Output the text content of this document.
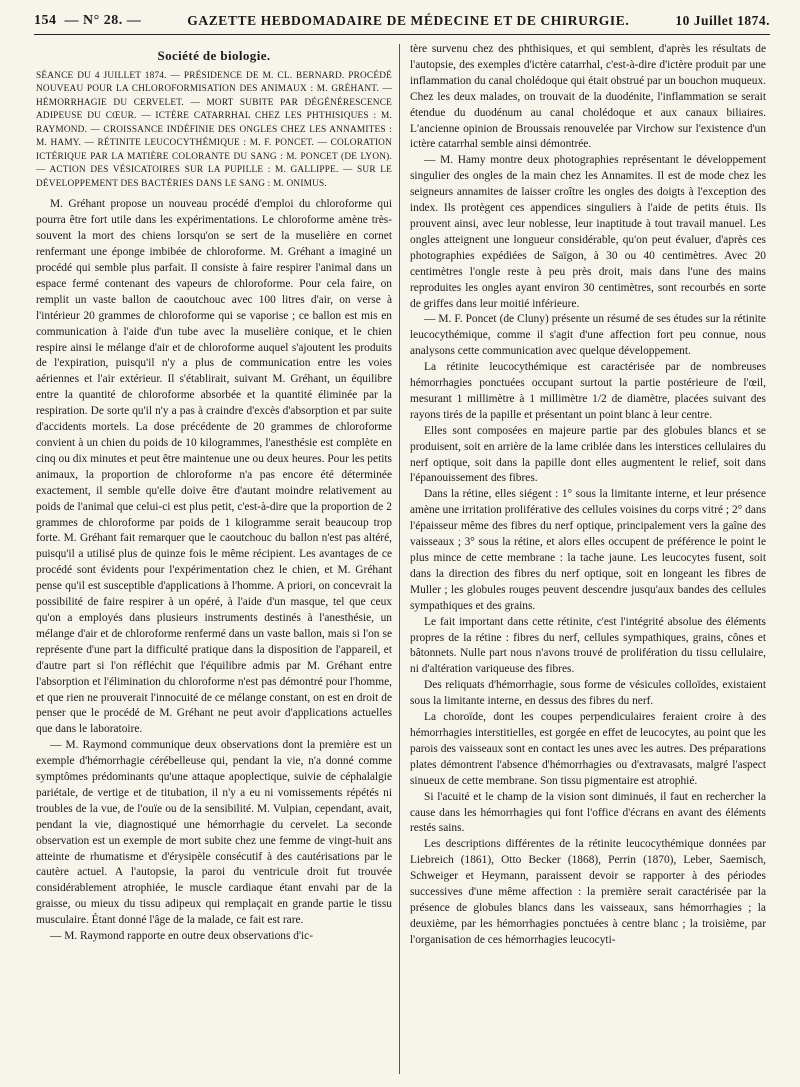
154 — N° 28. —	GAZETTE HEBDOMADAIRE DE MÉDECINE ET DE CHIRURGIE.	10 Juillet 1874.
Société de biologie.

SÉANCE DU 4 JUILLET 1874. — PRÉSIDENCE DE M. CL. BERNARD. PROCÉDÉ NOUVEAU POUR LA CHLOROFORMISATION DES ANIMAUX : M. GRÉHANT. — HÉMORRHAGIE DU CERVELET. — MORT SUBITE PAR DÉGÉNÉRESCENCE ADIPEUSE DU CŒUR. — ICTÈRE CATARRHAL CHEZ LES PHTHISIQUES : M. RAYMOND. — CROISSANCE INDÉFINIE DES ONGLES CHEZ LES ANNAMITES : M. HAMY. — RÉTINITE LEUCOCYTHÉMIQUE : M. F. PONCET. — COLORATION ICTÉRIQUE PAR LA MATIÈRE COLORANTE DU SANG : M. PONCET (DE LYON). — ACTION DES VÉSICATOIRES SUR LA PUPILLE : M. GALLIPPE. — SUR LE DÉVELOPPEMENT DES BACTÉRIES DANS LE SANG : M. ONIMUS.

M. Gréhant propose un nouveau procédé d'emploi du chloroforme qui pourra être fort utile dans les expérimentations. Le chloroforme amène très-souvent la mort des chiens lorsqu'on se sert de la muselière en cornet renfermant une éponge imbibée de chloroforme. M. Gréhant a imaginé un procédé qui semble plus parfait. Il consiste à faire respirer l'animal dans un espace fermé contenant des vapeurs de chloroforme. Pour cela faire, on remplit un vaste ballon de caoutchouc avec 100 litres d'air, on verse à l'intérieur 20 grammes de chloroforme qui se vaporise ; ce ballon est mis en communication à l'aide d'un tube avec la muselière conique, et le chien respire ainsi le mélange d'air et de chloroforme auquel s'ajoutent les produits de l'expiration, puisqu'il n'y a plus de communication entre les voies aériennes et l'air extérieur. Il s'établirait, suivant M. Gréhant, un équilibre entre la quantité de chloroforme absorbée et la quantité éliminée par la respiration. De sorte qu'il n'y a pas à craindre d'excès d'absorption et par suite d'accidents mortels. La dose précédente de 20 grammes de chloroforme convient à un chien du poids de 10 kilogrammes, l'anesthésie est complète en cinq ou dix minutes et peut être maintenue une ou deux heures. Pour les petits animaux, la proportion de chloroforme n'a pas encore été déterminée exactement, il semble qu'elle doive être d'autant moindre relativement au poids de l'animal que celui-ci est plus petit, c'est-à-dire que la proportion de 2 grammes de chloroforme par poids de 1 kilogramme serait beaucoup trop forte. M. Gréhant fait remarquer que le caoutchouc du ballon n'est pas altéré, puisqu'il a utilisé plus de quinze fois le même récipient. Les avantages de ce procédé sont évidents pour l'expérimentation chez le chien, et M. Gréhant pense qu'il est susceptible d'applications à l'homme. A priori, on concevrait la possibilité de faire respirer à un opéré, à l'aide d'un masque, tel que ceux qu'on a employés dans plusieurs instruments destinés à l'anesthésie, un mélange d'air et de chloroforme renfermé dans un vaste ballon, mais si l'on se représente d'une part la difficulté pratique dans la disposition de l'appareil, et d'autre part si l'on réfléchit que l'équilibre admis par M. Gréhant entre l'absorption et l'élimination du chloroforme n'est pas démontré pour l'homme, et que rien ne prouverait l'innocuité de ce mélange constant, on est en droit de penser que le procédé de M. Gréhant ne peut avoir d'applications actuelles que dans le laboratoire.

— M. Raymond communique deux observations dont la première est un exemple d'hémorrhagie cérébelleuse qui, pendant la vie, n'a donné comme symptômes prédominants qu'une attaque apoplectique, suivie de céphalalgie pariétale, de vertige et de titubation, il n'y a eu ni vomissements répétés ni troubles de la vue, de l'ouïe ou de la sensibilité. M. Vulpian, cependant, avait, pendant la vie, diagnostiqué une hémorrhagie du cervelet. La seconde observation est un exemple de mort subite chez une femme de vingt-huit ans atteinte de rhumatisme et d'érysipèle consécutif à des cautérisations par le cautère actuel. A l'autopsie, la paroi du ventricule droit fut trouvée considérablement atrophiée, le muscle cardiaque étant envahi par de la graisse, ou mieux du tissu adipeux qui remplaçait en grande partie le tissu musculaire. Étant donné l'âge de la malade, ce fait est rare.

— M. Raymond rapporte en outre deux observations d'ic-

tère survenu chez des phthisiques, et qui semblent, d'après les résultats de l'autopsie, des exemples d'ictère catarrhal, c'est-à-dire d'ictère produit par une inflammation du canal cholédoque qui était obstrué par un bouchon muqueux. Chez les deux malades, on trouvait de la duodénite, l'inflammation se serait étendue du duodénum au canal cholédoque et aux canaux biliaires. L'ancienne opinion de Broussais renouvelée par Virchow sur l'existence d'un ictère catarrhal semble ainsi démontrée.

— M. Hamy montre deux photographies représentant le développement singulier des ongles de la main chez les Annamites. Il est de mode chez les seigneurs annamites de laisser croître les ongles des doigts à l'exception des index. Ils protègent ces appendices singuliers à l'aide de petits étuis. Ils prouvent ainsi, avec leur noblesse, leur inaptitude à tout travail manuel. Les ongles atteignent une longueur considérable, qu'on peut évaluer, d'après ces photographies expédiées de Saïgon, à 30 ou 40 centimètres. Avec 20 centimètres l'ongle reste à peu près droit, mais dans l'une des mains reproduites les ongles ayant environ 30 centimètres, sont recourbés en sorte de griffes dans leur moitié inférieure.

— M. F. Poncet (de Cluny) présente un résumé de ses études sur la rétinite leucocythémique, comme il s'agit d'une affection fort peu connue, nous analysons cette communication avec quelque développement.

La rétinite leucocythémique est caractérisée par de nombreuses hémorrhagies ponctuées occupant surtout la partie postérieure de l'œil, mesurant 1 millimètre à 1 millimètre 1/2 de diamètre, placées suivant des rayons tirés de la papille et présentant un point blanc à leur centre.

Elles sont composées en majeure partie par des globules blancs et se produisent, soit en arrière de la lame criblée dans les interstices cellulaires du nerf optique, soit dans la papille dont elles augmentent le relief, soit dans l'épanouissement des fibres.

Dans la rétine, elles siégent : 1° sous la limitante interne, et leur présence amène une irritation proliférative des cellules voisines du corps vitré ; 2° dans l'épaisseur même des fibres du nerf optique, principalement vers la gaîne des vaisseaux ; 3° sous la rétine, et alors elles occupent de préférence le point le plus mince de cette membrane : la tache jaune. Les leucocytes fusent, soit dans la direction des fibres du nerf optique, soit en longeant les fibres de Muller ; les globules rouges peuvent descendre jusqu'aux bandes des cellules sympathiques et des grains.

Le fait important dans cette rétinite, c'est l'intégrité absolue des éléments propres de la rétine : fibres du nerf, cellules sympathiques, grains, cônes et bâtonnets. Nulle part nous n'avons trouvé de prolifération du tissu cellulaire, ni d'altération variqueuse des fibres.

Des reliquats d'hémorrhagie, sous forme de vésicules colloïdes, existaient sous la limitante interne, en dessus des fibres du nerf.

La choroïde, dont les coupes perpendiculaires feraient croire à des hémorrhagies interstitielles, est gorgée en effet de leucocytes, au point que les parois des vaisseaux sont en contact les unes avec les autres. Des préparations plates démontrent l'absence d'hémorrhagies ou d'extravasats, malgré l'aspect sinueux de cette membrane. Son tissu pigmentaire est atrophié.

Si l'acuité et le champ de la vision sont diminués, il faut en rechercher la cause dans les hémorrhagies qui font l'office d'écrans en avant des éléments restés sains.

Les descriptions différentes de la rétinite leucocythémique données par Liebreich (1861), Otto Becker (1868), Perrin (1870), Leber, Saemisch, Schweiger et Heymann, paraissent devoir se rapporter à des périodes successives d'une même affection : la première serait caractérisée par la présence de globules blancs dans les vaisseaux, sans hémorrhagies ; la deuxième, par les hémorrhagies ponctuées à centre blanc ; la troisième, par l'organisation de ces hémorrhagies leucocyti-
